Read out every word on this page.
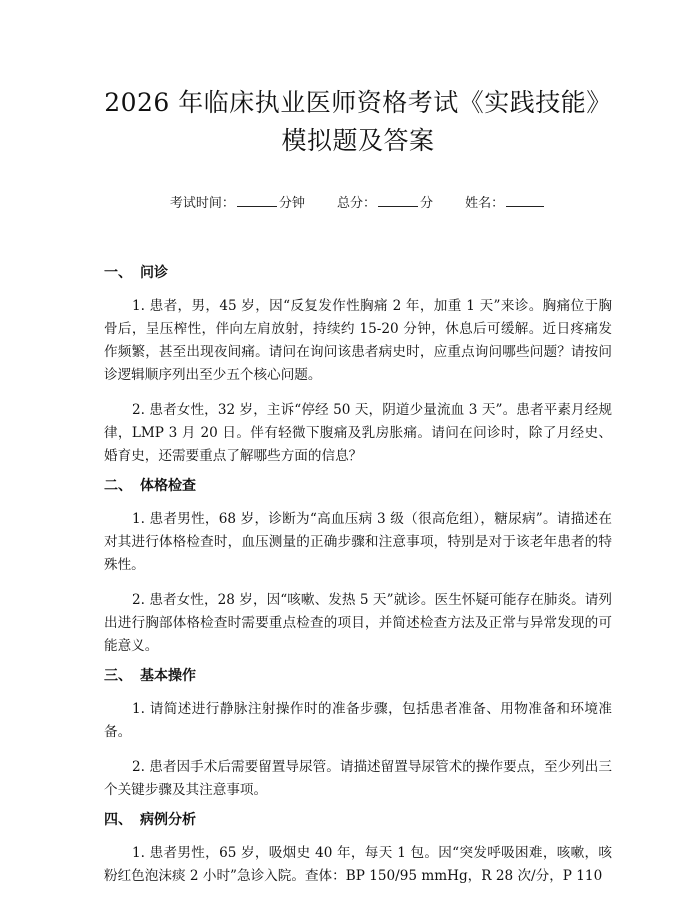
2026 年临床执业医师资格考试《实践技能》
模拟题及答案
考试时间：	分钟 总分：	分 姓名：
一、 问诊

1. 患者，男，45 岁，因“反复发作性胸痛 2 年，加重 1 天”来诊。胸痛位于胸骨后，呈压榨性，伴向左肩放射，持续约 15-20 分钟，休息后可缓解。近日疼痛发作频繁，甚至出现夜间痛。请问在询问该患者病史时，应重点询问哪些问题？请按问诊逻辑顺序列出至少五个核心问题。

2. 患者女性，32 岁，主诉“停经 50 天，阴道少量流血 3 天”。患者平素月经规律，LMP 3 月 20 日。伴有轻微下腹痛及乳房胀痛。请问在问诊时，除了月经史、婚育史，还需要重点了解哪些方面的信息？

二、 体格检查

1. 患者男性，68 岁，诊断为“高血压病 3 级（很高危组），糖尿病”。请描述在对其进行体格检查时，血压测量的正确步骤和注意事项，特别是对于该老年患者的特殊性。

2. 患者女性，28 岁，因“咳嗽、发热 5 天”就诊。医生怀疑可能存在肺炎。请列出进行胸部体格检查时需要重点检查的项目，并简述检查方法及正常与异常发现的可能意义。

三、 基本操作

1. 请简述进行静脉注射操作时的准备步骤，包括患者准备、用物准备和环境准备。

2. 患者因手术后需要留置导尿管。请描述留置导尿管术的操作要点，至少列出三个关键步骤及其注意事项。

四、 病例分析

1. 患者男性，65 岁，吸烟史 40 年，每天 1 包。因“突发呼吸困难，咳嗽，咳粉红色泡沫痰 2 小时”急诊入院。查体：BP 150/95 mmHg，R 28 次/分，P 110
